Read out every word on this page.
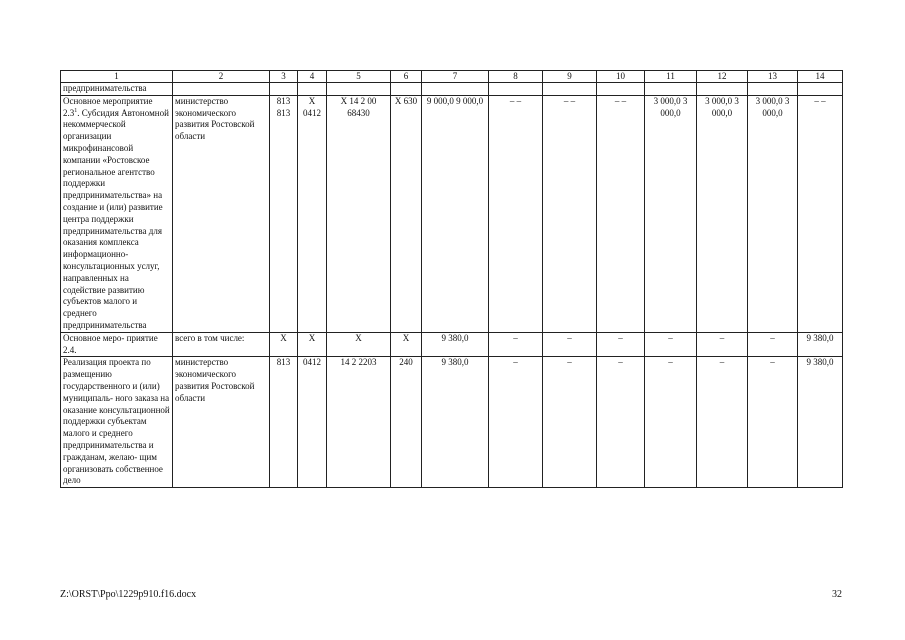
1	2	3	4	5	6	7	8	9	10	11	12	13	14
предпринимательства													
Основное мероприятие $2.3^1$. Субсидия Автономной некоммерческой организации микрофинансовой компании «Ростовское региональное агентство поддержки предпринимательства» на создание и (или) развитие центра поддержки предпринимательства для оказания комплекса информационно- консультационных услуг, направленных на содействие развитию субъектов малого и среднего предпринимательства	министерство экономического развития Ростовской области	813 813	X 0412	X 14 2 00 68430	X 630	9 000,0 9 000,0	– –	– –	– –	3 000,0 3 000,0	3 000,0 3 000,0	3 000,0 3 000,0	– –
Основное меро- приятие 2.4.	всего в том числе:	X	X	X	X	9 380,0	–	–	–	–	–	–	9 380,0
Реализация проекта по размещению государственного и (или) муниципаль- ного заказа на оказание консультационной поддержки субъектам малого и среднего предпринимательства и гражданам, желаю- щим организовать собственное дело	министерство экономического развития Ростовской области	813	0412	14 2 2203	240	9 380,0	–	–	–	–	–	–	9 380,0
Z:\ORST\Ppo\1229p910.f16.docx	32
